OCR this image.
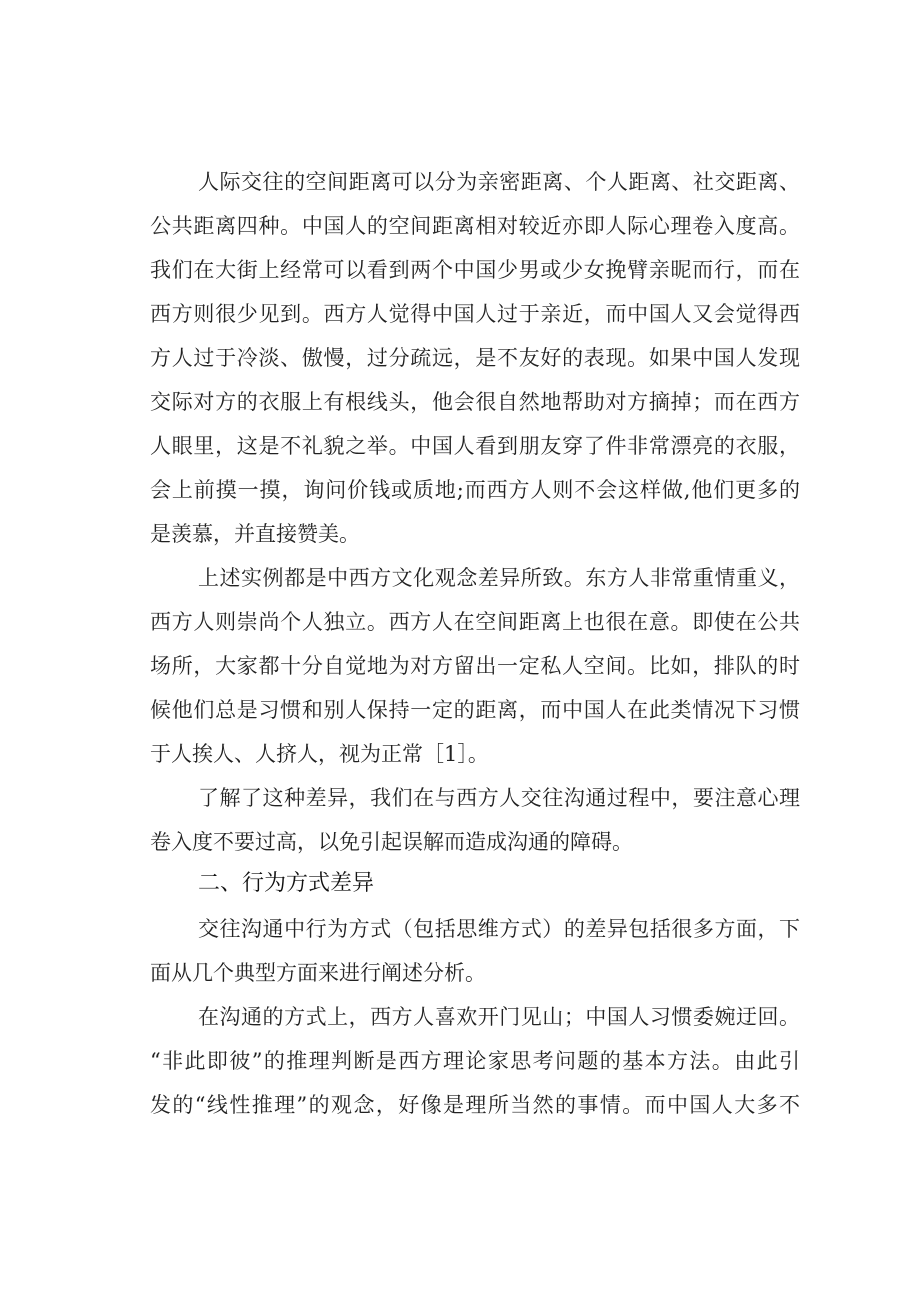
人际交往的空间距离可以分为亲密距离、个人距离、社交距离、
公共距离四种。中国人的空间距离相对较近亦即人际心理卷入度高。
我们在大街上经常可以看到两个中国少男或少女挽臂亲昵而行，而在
西方则很少见到。西方人觉得中国人过于亲近，而中国人又会觉得西
方人过于冷淡、傲慢，过分疏远，是不友好的表现。如果中国人发现
交际对方的衣服上有根线头，他会很自然地帮助对方摘掉；而在西方
人眼里，这是不礼貌之举。中国人看到朋友穿了件非常漂亮的衣服，
会上前摸一摸，询问价钱或质地;而西方人则不会这样做,他们更多的
是羡慕，并直接赞美。
上述实例都是中西方文化观念差异所致。东方人非常重情重义，
西方人则崇尚个人独立。西方人在空间距离上也很在意。即使在公共
场所，大家都十分自觉地为对方留出一定私人空间。比如，排队的时
候他们总是习惯和别人保持一定的距离，而中国人在此类情况下习惯
于人挨人、人挤人，视为正常［1］。
了解了这种差异，我们在与西方人交往沟通过程中，要注意心理
卷入度不要过高，以免引起误解而造成沟通的障碍。
二、行为方式差异
交往沟通中行为方式（包括思维方式）的差异包括很多方面，下
面从几个典型方面来进行阐述分析。
在沟通的方式上，西方人喜欢开门见山；中国人习惯委婉迂回。
“非此即彼”的推理判断是西方理论家思考问题的基本方法。由此引
发的“线性推理”的观念，好像是理所当然的事情。而中国人大多不
